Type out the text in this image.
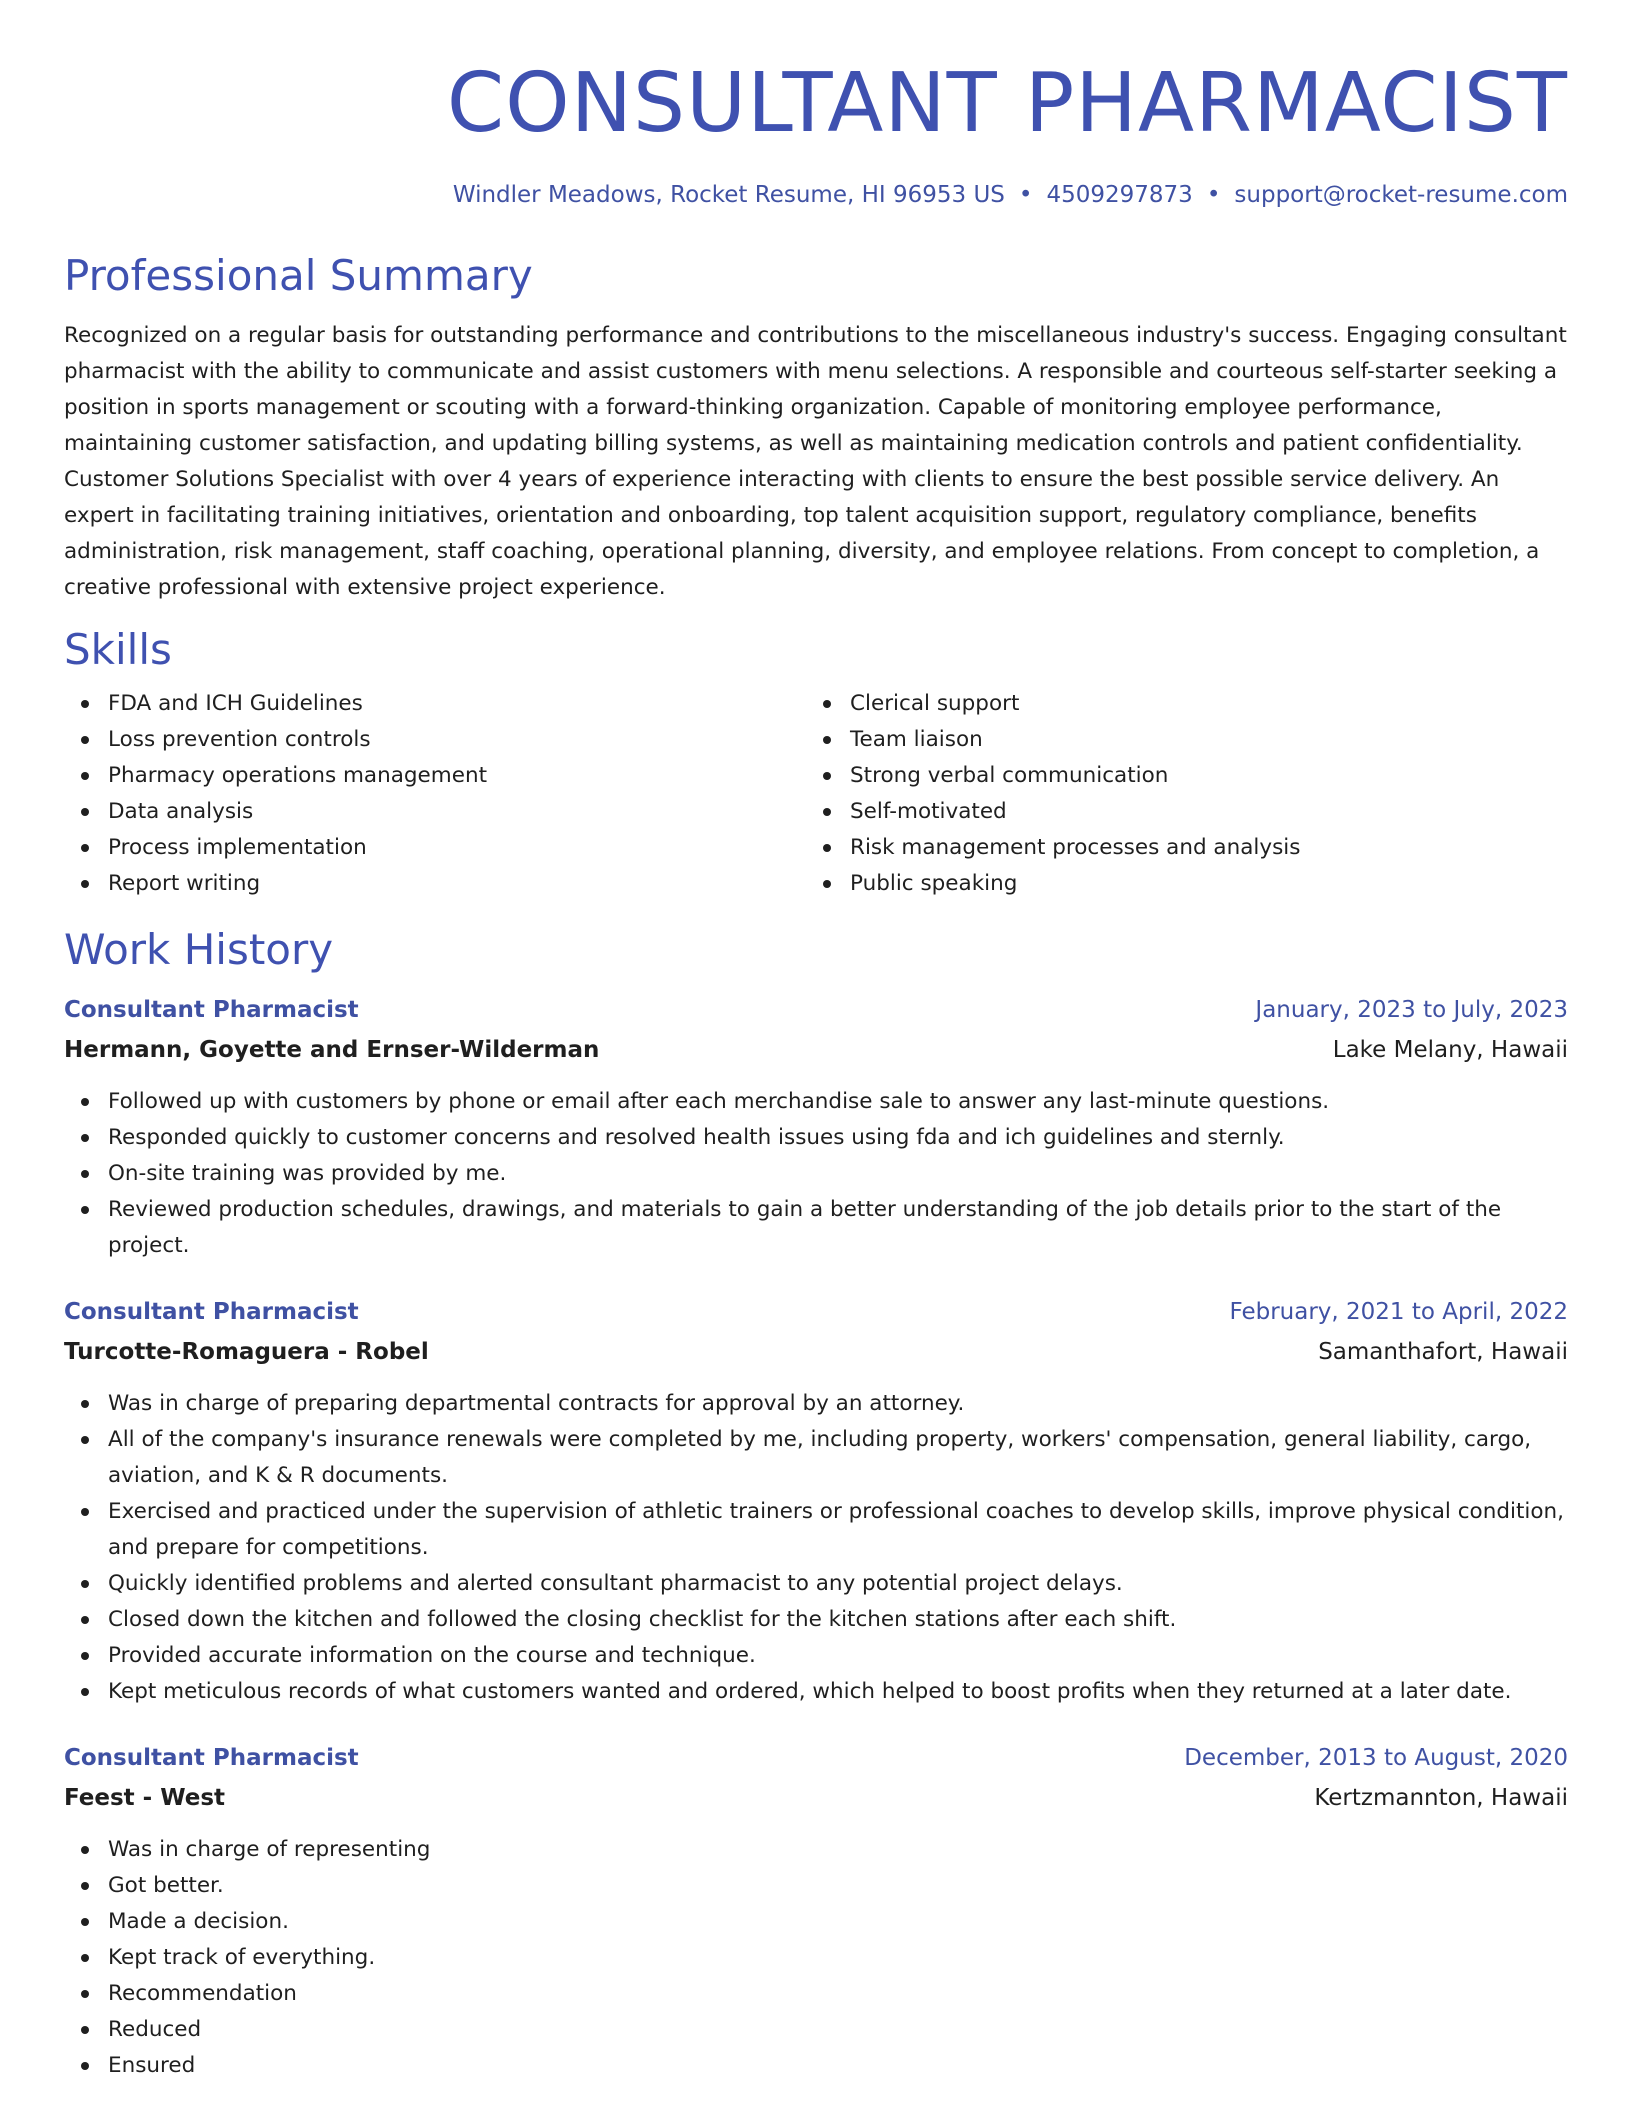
CONSULTANT PHARMACIST
Windler Meadows, Rocket Resume, HI 96953 US • 4509297873 • support@rocket-resume.com
Professional Summary

Recognized on a regular basis for outstanding performance and contributions to the miscellaneous industry's success. Engaging consultant pharmacist with the ability to communicate and assist customers with menu selections. A responsible and courteous self-starter seeking a position in sports management or scouting with a forward-thinking organization. Capable of monitoring employee performance, maintaining customer satisfaction, and updating billing systems, as well as maintaining medication controls and patient confidentiality. Customer Solutions Specialist with over 4 years of experience interacting with clients to ensure the best possible service delivery. An expert in facilitating training initiatives, orientation and onboarding, top talent acquisition support, regulatory compliance, benefits administration, risk management, staff coaching, operational planning, diversity, and employee relations. From concept to completion, a creative professional with extensive project experience.

Skills
FDA and ICH Guidelines
Loss prevention controls
Pharmacy operations management
Data analysis
Process implementation
Report writing
Clerical support
Team liaison
Strong verbal communication
Self-motivated
Risk management processes and analysis
Public speaking
Work History
Consultant Pharmacist	January, 2023 to July, 2023
Hermann, Goyette and Ernser-Wilderman	Lake Melany, Hawaii
Followed up with customers by phone or email after each merchandise sale to answer any last-minute questions.
Responded quickly to customer concerns and resolved health issues using fda and ich guidelines and sternly.
On-site training was provided by me.
Reviewed production schedules, drawings, and materials to gain a better understanding of the job details prior to the start of the project.
Consultant Pharmacist	February, 2021 to April, 2022
Turcotte-Romaguera - Robel	Samanthafort, Hawaii
Was in charge of preparing departmental contracts for approval by an attorney.
All of the company's insurance renewals were completed by me, including property, workers' compensation, general liability, cargo, aviation, and K & R documents.
Exercised and practiced under the supervision of athletic trainers or professional coaches to develop skills, improve physical condition, and prepare for competitions.
Quickly identified problems and alerted consultant pharmacist to any potential project delays.
Closed down the kitchen and followed the closing checklist for the kitchen stations after each shift.
Provided accurate information on the course and technique.
Kept meticulous records of what customers wanted and ordered, which helped to boost profits when they returned at a later date.
Consultant Pharmacist	December, 2013 to August, 2020
Feest - West	Kertzmannton, Hawaii
Was in charge of representing
Got better.
Made a decision.
Kept track of everything.
Recommendation
Reduced
Ensured
